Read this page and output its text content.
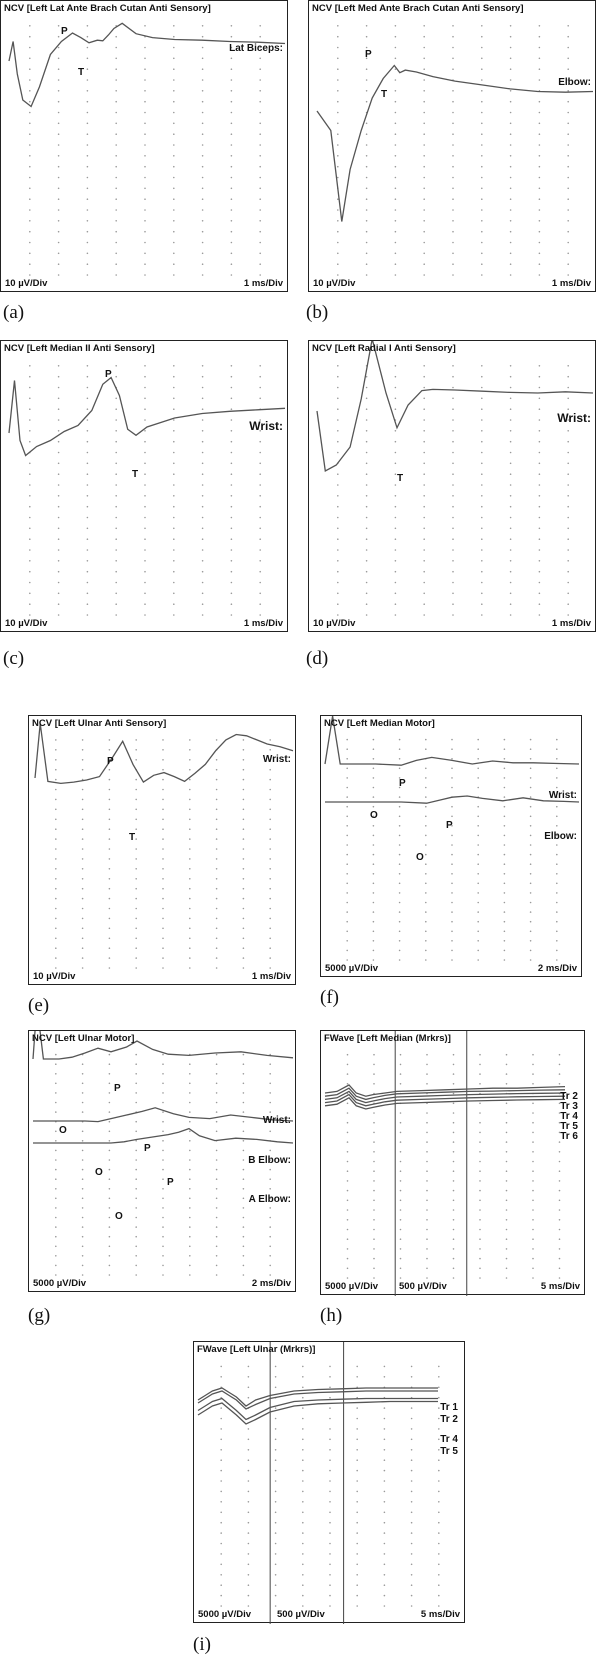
NCV [Left Lat Ante Brach Cutan Anti Sensory]
10 µV/Div	1 ms/Div
Lat Biceps:
P
T
(a)
NCV [Left Med Ante Brach Cutan Anti Sensory]
10 µV/Div	1 ms/Div
Elbow:
P
T
(b)
NCV [Left Median II Anti Sensory]
10 µV/Div	1 ms/Div
Wrist:
P
T
(c)
NCV [Left Radial I Anti Sensory]
10 µV/Div	1 ms/Div
Wrist:
T
(d)
NCV [Left Ulnar Anti Sensory]
10 µV/Div	1 ms/Div
Wrist:
P
T
(e)
NCV [Left Median Motor]
5000 µV/Div	2 ms/Div
Wrist:
Elbow:
P
O
P
O
(f)
NCV [Left Ulnar Motor]
5000 µV/Div	2 ms/Div
Wrist:
B Elbow:
A Elbow:
P
O
P
O
P
O
(g)
FWave [Left Median (Mrkrs)]
5000 µV/Div 500 µV/Div	5 ms/Div
Tr 2
Tr 3
Tr 4
Tr 5
Tr 6
(h)
FWave [Left Ulnar (Mrkrs)]
5000 µV/Div	500 µV/Div	5 ms/Div
Tr 1
Tr 2
Tr 4
Tr 5
(i)
